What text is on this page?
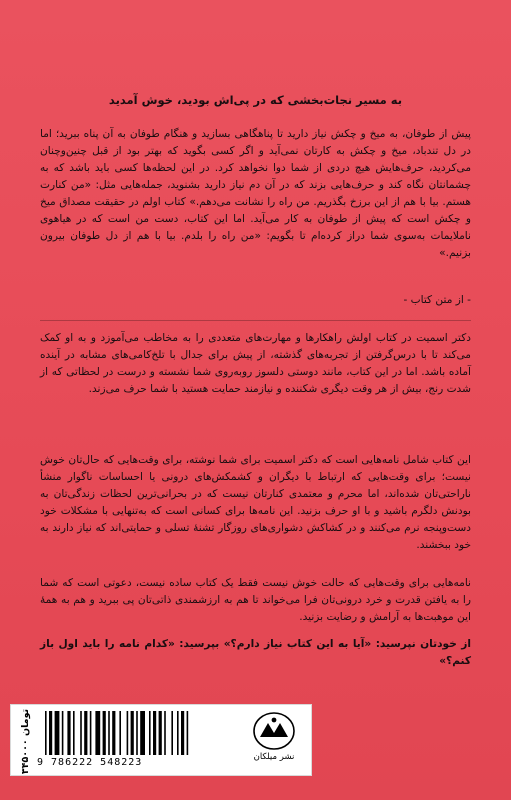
به مسیر نجات‌بخشی که در پی‌اش بودید، خوش آمدید
پیش از طوفان، به میخ و چکش نیاز دارید تا پناهگاهی بسازید و هنگام طوفان به آن پناه ببرید؛ اما در دل تندباد، میخ و چکش به کارتان نمی‌آید و اگر کسی بگوید که بهتر بود از قبل چنین‌وچنان می‌کردید، حرف‌هایش هیچ دردی از شما دوا نخواهد کرد. در این لحظه‌ها کسی باید باشد که به چشمانتان نگاه کند و حرف‌هایی بزند که در آن دم نیاز دارید بشنوید، جمله‌هایی مثل: «من کنارت هستم. بیا با هم از این برزخ بگذریم. من راه را نشانت می‌دهم.» کتاب اولم در حقیقت مصداق میخ و چکش است که پیش از طوفان به کار می‌آید. اما این کتاب، دست من است که در هیاهوی ناملایمات به‌سوی شما دراز کرده‌ام تا بگویم: «من راه را بلدم. بیا با هم از دل طوفان بیرون بزنیم.»
- از متن کتاب -
دکتر اسمیت در کتاب اولش راهکارها و مهارت‌های متعددی را به مخاطب می‌آموزد و به او کمک می‌کند تا با درس‌گرفتن از تجربه‌های گذشته، از پیش برای جدال با تلخ‌کامی‌های مشابه در آینده آماده باشد. اما در این کتاب، مانند دوستی دلسوز روبه‌روی شما نشسته و درست در لحظاتی که از شدت رنج، بیش از هر وقت دیگری شکننده و نیازمند حمایت هستید با شما حرف می‌زند.
این کتاب شامل نامه‌هایی است که دکتر اسمیت برای شما نوشته، برای وقت‌هایی که حال‌تان خوش نیست؛ برای وقت‌هایی که ارتباط با دیگران و کشمکش‌های درونی یا احساسات ناگوار منشأ ناراحتی‌تان شده‌اند، اما محرم و معتمدی کنارتان نیست که در بحرانی‌ترین لحظات زندگی‌تان به بودنش دلگرم باشید و با او حرف بزنید. این نامه‌ها برای کسانی است که به‌تنهایی با مشکلات خود دست‌وپنجه نرم می‌کنند و در کشاکش دشواری‌های روزگار تشنهٔ تسلی و حمایتی‌اند که نیاز دارند به خود ببخشند.
نامه‌هایی برای وقت‌هایی که حالت خوش نیست فقط یک کتاب ساده نیست، دعوتی است که شما را به یافتن قدرت و خرد درونی‌تان فرا می‌خواند تا هم به ارزشمندی ذاتی‌تان پی ببرید و هم به همهٔ این موهبت‌ها به آرامش و رضایت بزنید.
از خودتان نپرسید: «آیا به این کتاب نیاز دارم؟» بپرسید: «کدام نامه را باید اول باز کنم؟»
۳۴۵۰۰۰ تومان
9 786222 548223	نشر میلکان
